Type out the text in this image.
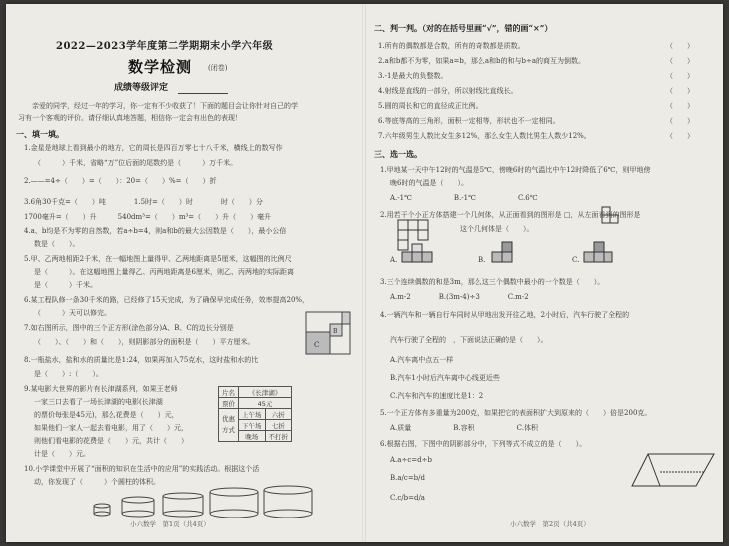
2022—2023学年度第二学期期末小学六年级
数学检测 (闭卷)
成绩等级评定
亲爱的同学，经过一年的学习，你一定有不少收获了！下面的题目会让你针对自己的学
习有一个客观的评价。请仔细认真地答题，相信你一定会有出色的表现！
一、填一填。
1.金星是地球上看到最小的地方，它的周长是四百万零七十八千米，横线上的数写作
（　　　）千米，省略“万”位后面的尾数约是（　　　）万千米。
2.——=4÷（　　）=（　　）：20=（　　）%=（　　）折
3.6角30千克=（　　）吨　　　　1.5时=（　　）时　　　　时（　　）分
1700毫升=（　　）升　　　540dm³=（　　）m³=（　　）升（　　）毫升
4.a、b均是不为零的自然数，若a÷b=4，则a和b的最大公因数是（　　），最小公倍
数是（　　）。
5.甲、乙两地相距2千米，在一幅地图上量得甲、乙两地距离是5厘米，这幅图的比例尺
是（　　　）。在这幅地图上量得乙、丙两地距离是6厘米，则乙、丙两地的实际距离
是（　　　）千米。
6.某工程队修一条30千米的路，已经修了15天完成，为了确保早完成任务，效率提高20%，
（　　　）天可以修完。
7.如右图所示，图中的三个正方形(涂色部分)A、B、C的边长分别是
（　　）、（　　）和（　　），则阴影部分的面积是（　　）平方厘米。
8.一瓶盐水，盐和水的质量比是1:24，如果再加入75克水，这时盐和水的比
是（　　）:（　　）。
9.某电影大世界的影片有长津湖系列，如果王老师
一家三口去看了一场长津湖的电影(长津湖
的票价每张是45元)，那么花费是（　　）元，
如果他们一家人一起去看电影，用了（　　）元，
则他们看电影的花费是（　　）元，共计（　　）
计是（　　）元。
10.小学课堂中开展了“面积的知识在生活中的应用”的实践活动。根据这个活
动，你发现了（　　　）个圆柱的体积。
C
B
片名	《长津湖》	
票价	45元	
优惠
方式	上午场	六折
	下午场	七折
	晚场	不打折
小六数学　第1页（共4页）
二、判一判。（对的在括号里画“√”，错的画“×”）
1.所有的偶数都是合数，所有的奇数都是质数。	（　　）
2.a和b都不为零，如果a=b，那么a和b的和与b÷a的商互为倒数。	（　　）
3.-1是最大的负整数。	（　　）
4.射线是直线的一部分，所以射线比直线长。	（　　）
5.圆的周长和它的直径成正比例。	（　　）
6.等底等高的三角形，面积一定相等，形状也不一定相同。	（　　）
7.六年级男生人数比女生多12%，那么女生人数比男生人数少12%。	（　　）
三、选一选。
1.甲地某一天中午12时的气温是5℃，傍晚6时的气温比中午12时降低了6℃，则甲地傍
晚6时的气温是（　　）。
A.-1℃　　　　　　B.-1℃　　　　　　C.6℃
2.用若干个小正方体搭建一个几何体，从正面看到的图形是 □，从左面看到的图形是
这个几何体是（　　）。
A.	B.	C.
3.三个连续偶数的和是3m，那么这三个偶数中最小的一个数是（　　）。
A.m-2　　　　B.(3m-4)÷3　　　　C.m-2
4.一辆汽车和一辆自行车同时从甲地出发开往乙地，2小时后，汽车行驶了全程的
汽车行驶了全程的　，下面说法正确的是（　　）。
A.汽车离中点五一样
B.汽车1小时后汽车离中心线更近些
C.汽车和汽车的速度比是1：2
5.一个正方体有多重量为200克，如果把它的表面积扩大到原来的（　　）倍是200克。
A.质量　　　　　　B.容积　　　　　　C.体积
6.根据右图，下图中的阴影部分中，下列等式不成立的是（　　）。
A.a÷c=d÷b
B.a/c=b/d
C.c/b=d/a
小六数学　第2页（共4页）
